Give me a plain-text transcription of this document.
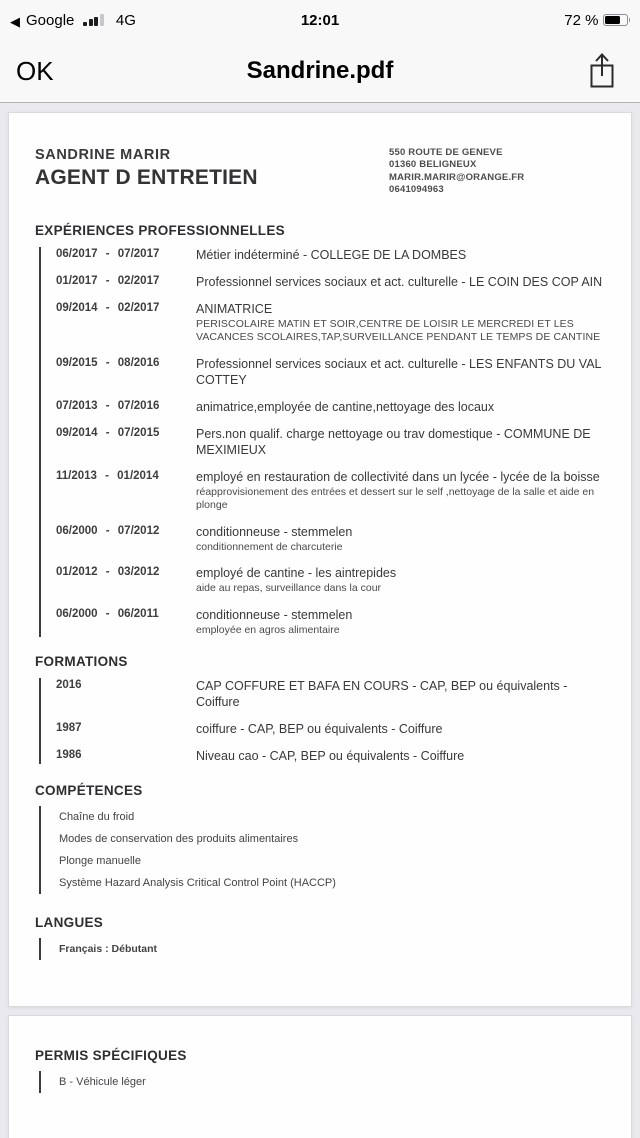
◀ Google	4G	12:01	72 %
OK	Sandrine.pdf
SANDRINE MARIR
AGENT D ENTRETIEN
550 ROUTE DE GENEVE
01360 BELIGNEUX
MARIR.MARIR@ORANGE.FR
0641094963
EXPÉRIENCES PROFESSIONNELLES
06/2017 - 07/2017	Métier indéterminé - COLLEGE DE LA DOMBES
01/2017 - 02/2017	Professionnel services sociaux et act. culturelle - LE COIN DES COP AIN
09/2014 - 02/2017	ANIMATRICE
PERISCOLAIRE MATIN ET SOIR,CENTRE DE LOISIR LE MERCREDI ET LES VACANCES SCOLAIRES,TAP,SURVEILLANCE PENDANT LE TEMPS DE CANTINE
09/2015 - 08/2016	Professionnel services sociaux et act. culturelle - LES ENFANTS DU VAL COTTEY
07/2013 - 07/2016	animatrice,employée de cantine,nettoyage des locaux
09/2014 - 07/2015	Pers.non qualif. charge nettoyage ou trav domestique - COMMUNE DE MEXIMIEUX
11/2013 - 01/2014	employé en restauration de collectivité dans un lycée - lycée de la boisse
réapprovisionement des entrées et dessert sur le self ,nettoyage de la salle et aide en plonge
06/2000 - 07/2012	conditionneuse - stemmelen
conditionnement de charcuterie
01/2012 - 03/2012	employé de cantine - les aintrepides
aide au repas, surveillance dans la cour
06/2000 - 06/2011	conditionneuse - stemmelen
employée en agros alimentaire
FORMATIONS
2016	CAP COFFURE ET BAFA EN COURS - CAP, BEP ou équivalents - Coiffure
1987	coiffure - CAP, BEP ou équivalents - Coiffure
1986	Niveau cao - CAP, BEP ou équivalents - Coiffure
COMPÉTENCES
Chaîne du froid
Modes de conservation des produits alimentaires
Plonge manuelle
Système Hazard Analysis Critical Control Point (HACCP)
LANGUES
Français : Débutant
PERMIS SPÉCIFIQUES
B - Véhicule léger
